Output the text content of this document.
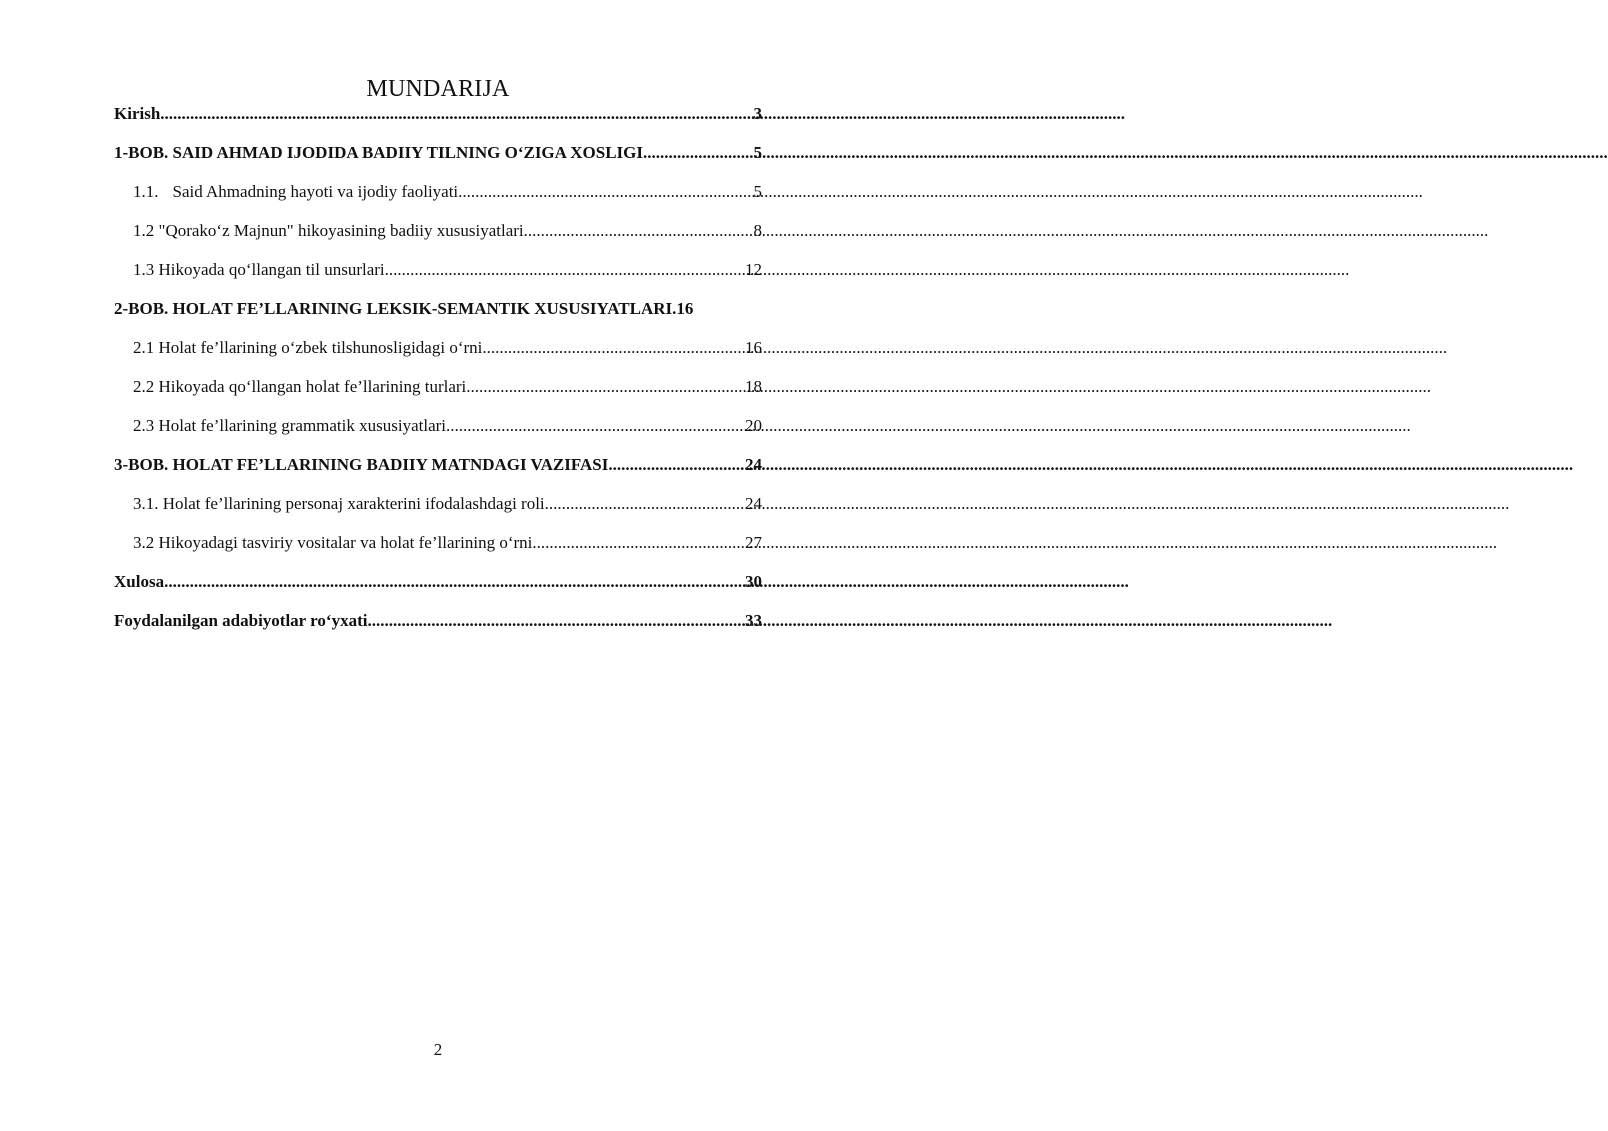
MUNDARIJA
Kirish .....	3
1-BOB. SAID AHMAD IJODIDA BADIIY TILNING O‘ZIGA XOSLIGI .....	5
1.1. Said Ahmadning hayoti va ijodiy faoliyati .....	5
1.2 "Qorako‘z Majnun" hikoyasining badiiy xususiyatlari .....	8
1.3 Hikoyada qo‘llangan til unsurlari .....	12
2-BOB. HOLAT FE’LLARINING LEKSIK-SEMANTIK XUSUSIYATLARI. 16
2.1 Holat fe’llarining o‘zbek tilshunosligidagi o‘rni .....	16
2.2 Hikoyada qo‘llangan holat fe’llarining turlari .....	18
2.3 Holat fe’llarining grammatik xususiyatlari .....	20
3-BOB. HOLAT FE’LLARINING BADIIY MATNDAGI VAZIFASI .....	24
3.1. Holat fe’llarining personaj xarakterini ifodalashdagi roli .....	24
3.2 Hikoyadagi tasviriy vositalar va holat fe’llarining o‘rni .....	27
Xulosa .....	30
Foydalanilgan adabiyotlar ro‘yxati .....	33
2
